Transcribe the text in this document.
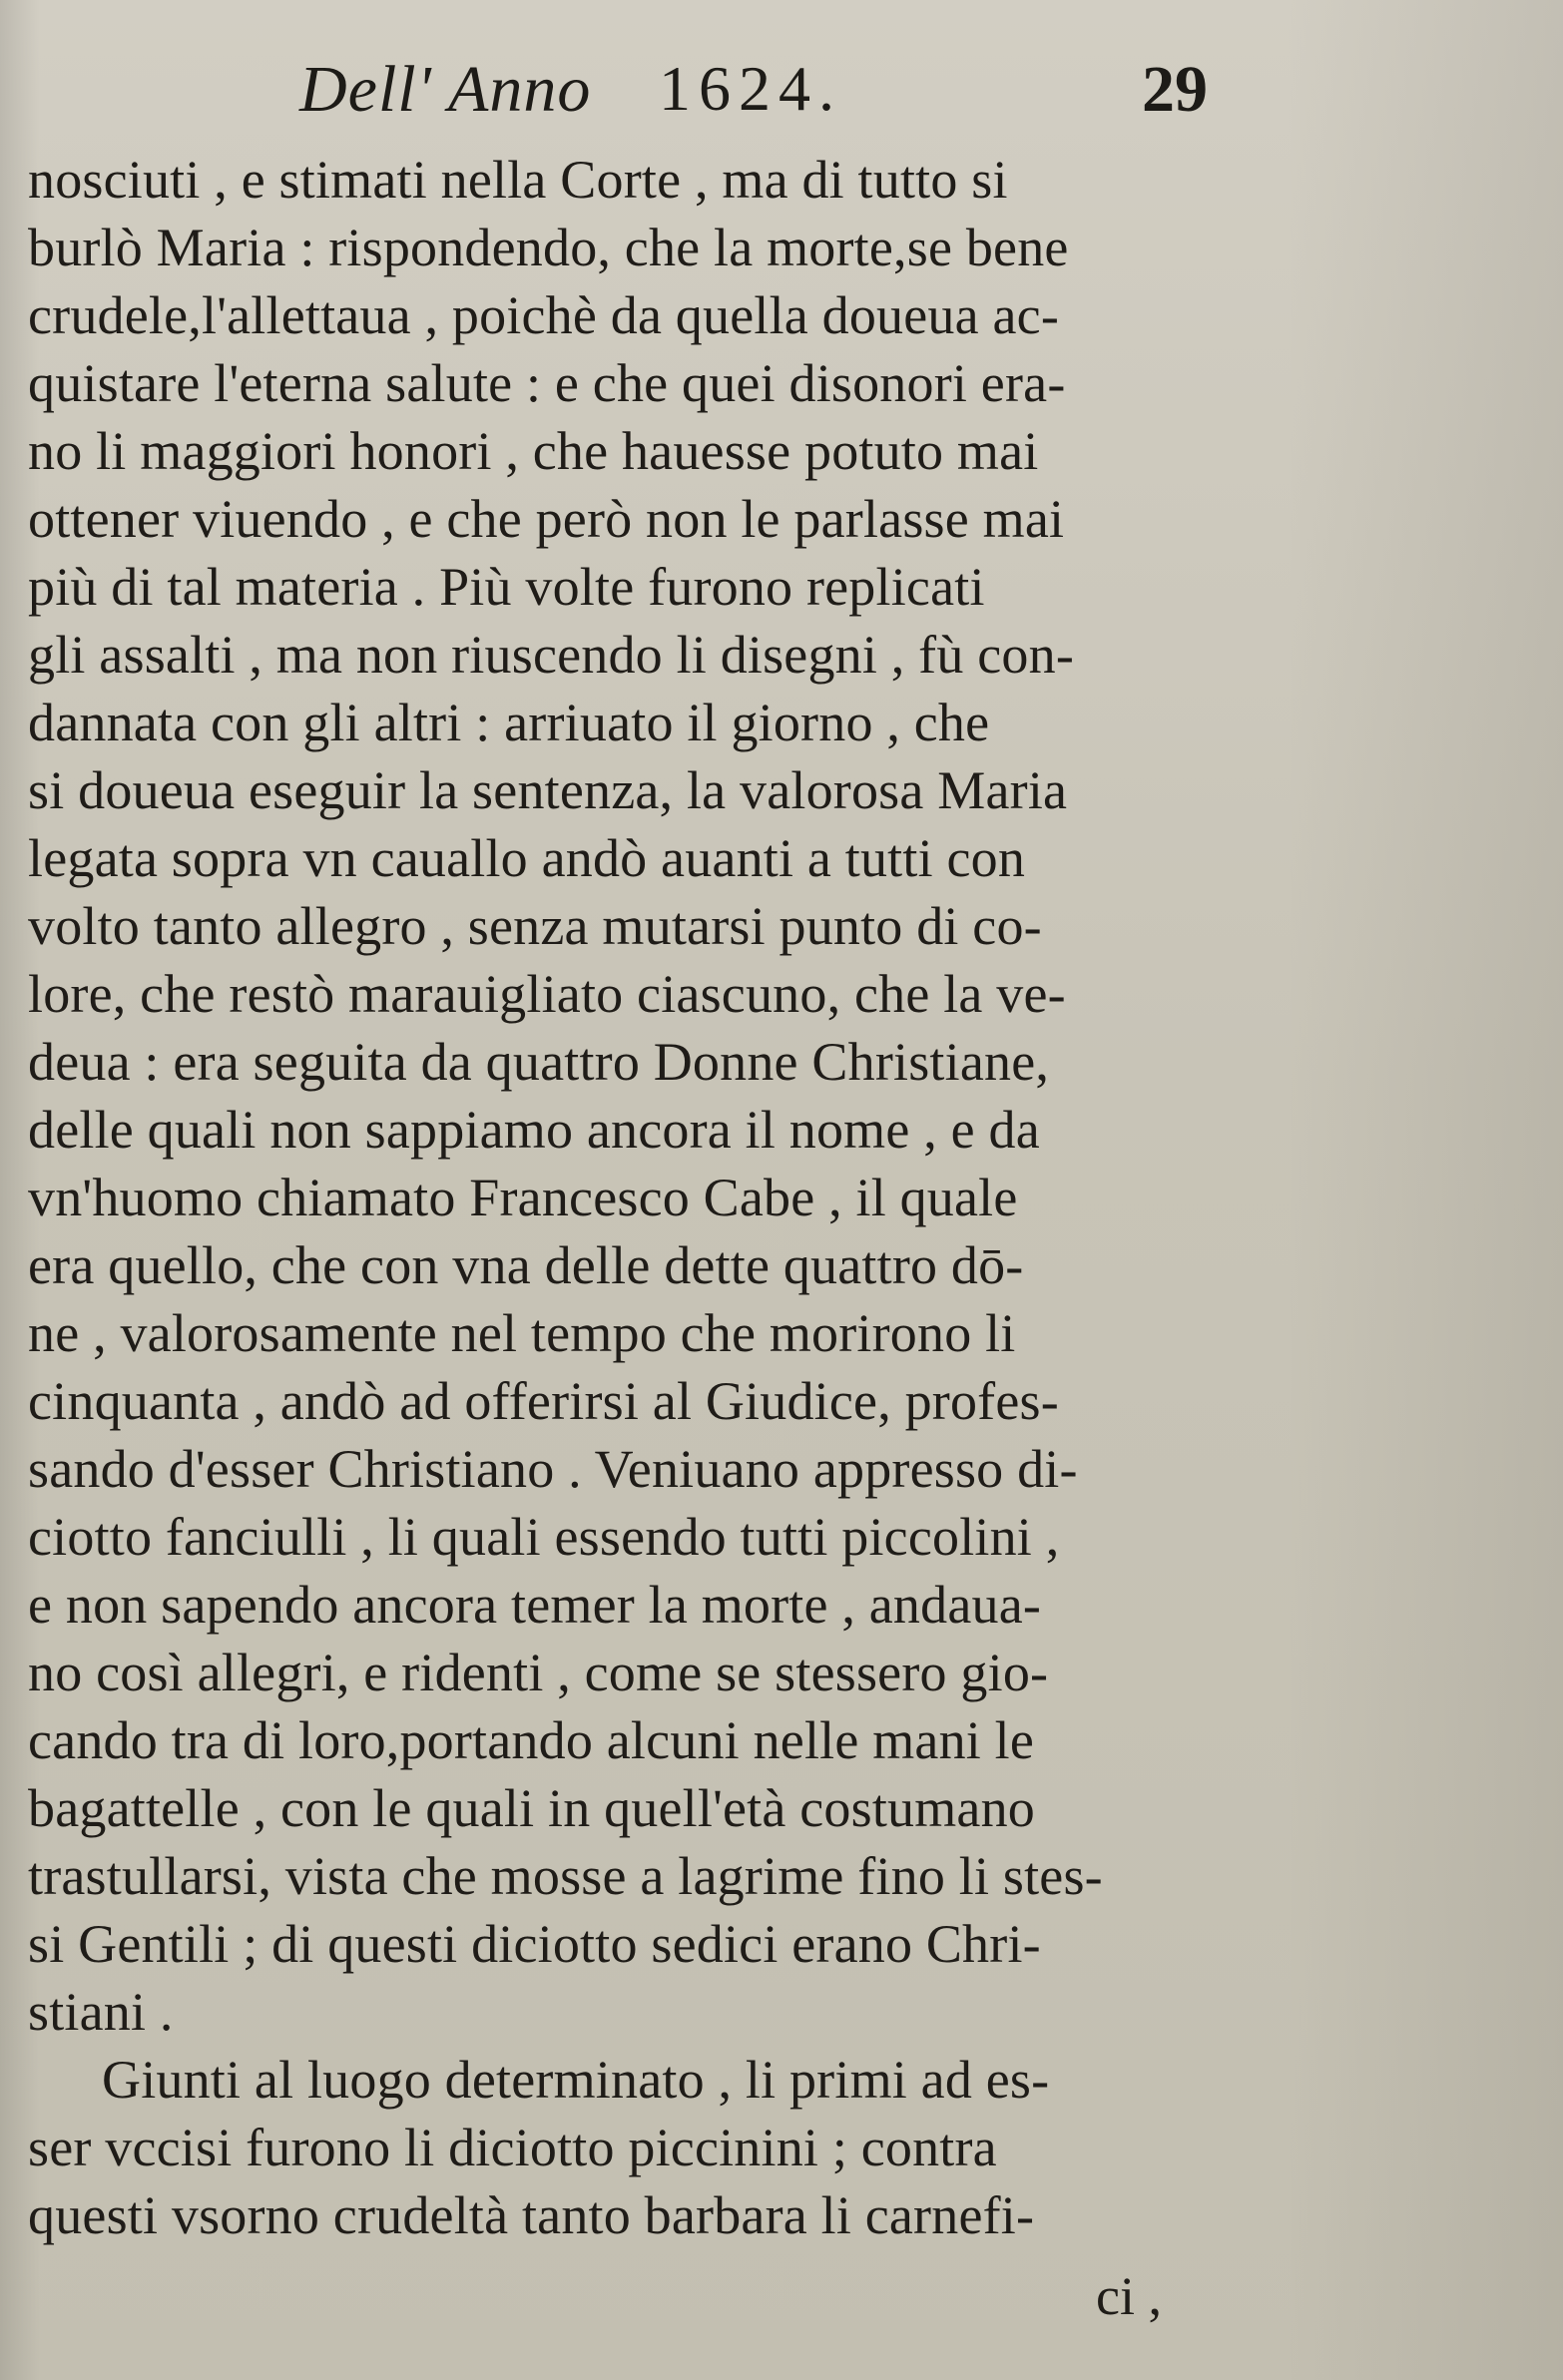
Dell' Anno 1624.	29
nosciuti , e stimati nella Corte , ma di tutto si
burlò Maria : rispondendo, che la morte,se bene
crudele,l'allettaua , poichè da quella doueua ac-
quistare l'eterna salute : e che quei disonori era-
no li maggiori honori , che hauesse potuto mai
ottener viuendo , e che però non le parlasse mai
più di tal materia . Più volte furono replicati
gli assalti , ma non riuscendo li disegni , fù con-
dannata con gli altri : arriuato il giorno , che
si doueua eseguir la sentenza, la valorosa Maria
legata sopra vn cauallo andò auanti a tutti con
volto tanto allegro , senza mutarsi punto di co-
lore, che restò marauigliato ciascuno, che la ve-
deua : era seguita da quattro Donne Christiane,
delle quali non sappiamo ancora il nome , e da
vn'huomo chiamato Francesco Cabe , il quale
era quello, che con vna delle dette quattro dō-
ne , valorosamente nel tempo che morirono li
cinquanta , andò ad offerirsi al Giudice, profes-
sando d'esser Christiano . Veniuano appresso di-
ciotto fanciulli , li quali essendo tutti piccolini ,
e non sapendo ancora temer la morte , andaua-
no così allegri, e ridenti , come se stessero gio-
cando tra di loro,portando alcuni nelle mani le
bagattelle , con le quali in quell'età costumano
trastullarsi, vista che mosse a lagrime fino li stes-
si Gentili ; di questi diciotto sedici erano Chri-
stiani .
Giunti al luogo determinato , li primi ad es-
ser vccisi furono li diciotto piccinini ; contra
questi vsorno crudeltà tanto barbara li carnefi-
ci ,
